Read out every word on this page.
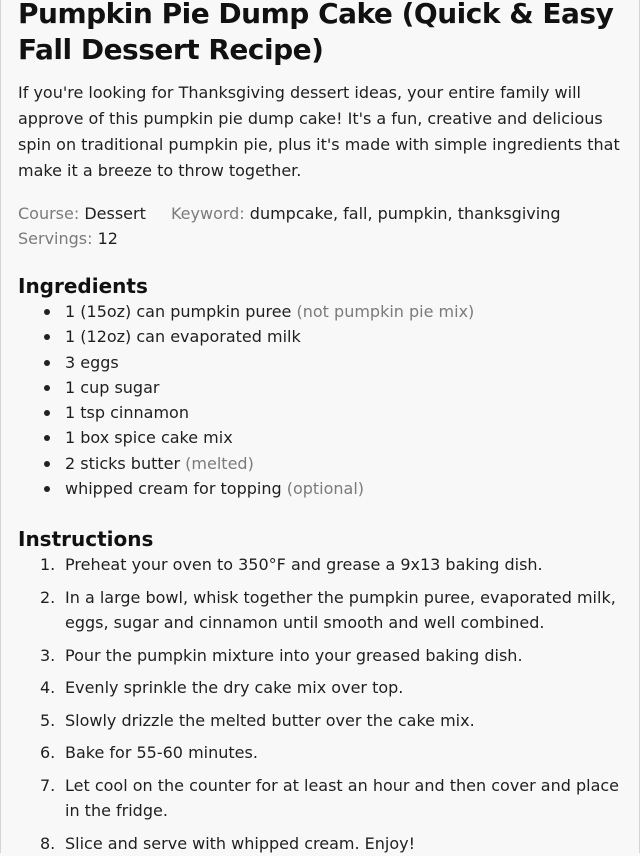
Pumpkin Pie Dump Cake (Quick & Easy Fall Dessert Recipe)

If you're looking for Thanksgiving dessert ideas, your entire family will approve of this pumpkin pie dump cake! It's a fun, creative and delicious spin on traditional pumpkin pie, plus it's made with simple ingredients that make it a breeze to throw together.

Course: Dessert Keyword: dumpcake, fall, pumpkin, thanksgiving
Servings: 12
Ingredients
1 (15oz) can pumpkin puree (not pumpkin pie mix)
1 (12oz) can evaporated milk
3 eggs
1 cup sugar
1 tsp cinnamon
1 box spice cake mix
2 sticks butter (melted)
whipped cream for topping (optional)
Instructions
1. Preheat your oven to 350°F and grease a 9x13 baking dish.
2. In a large bowl, whisk together the pumpkin puree, evaporated milk, eggs, sugar and cinnamon until smooth and well combined.
3. Pour the pumpkin mixture into your greased baking dish.
4. Evenly sprinkle the dry cake mix over top.
5. Slowly drizzle the melted butter over the cake mix.
6. Bake for 55-60 minutes.
7. Let cool on the counter for at least an hour and then cover and place in the fridge.
8. Slice and serve with whipped cream. Enjoy!
